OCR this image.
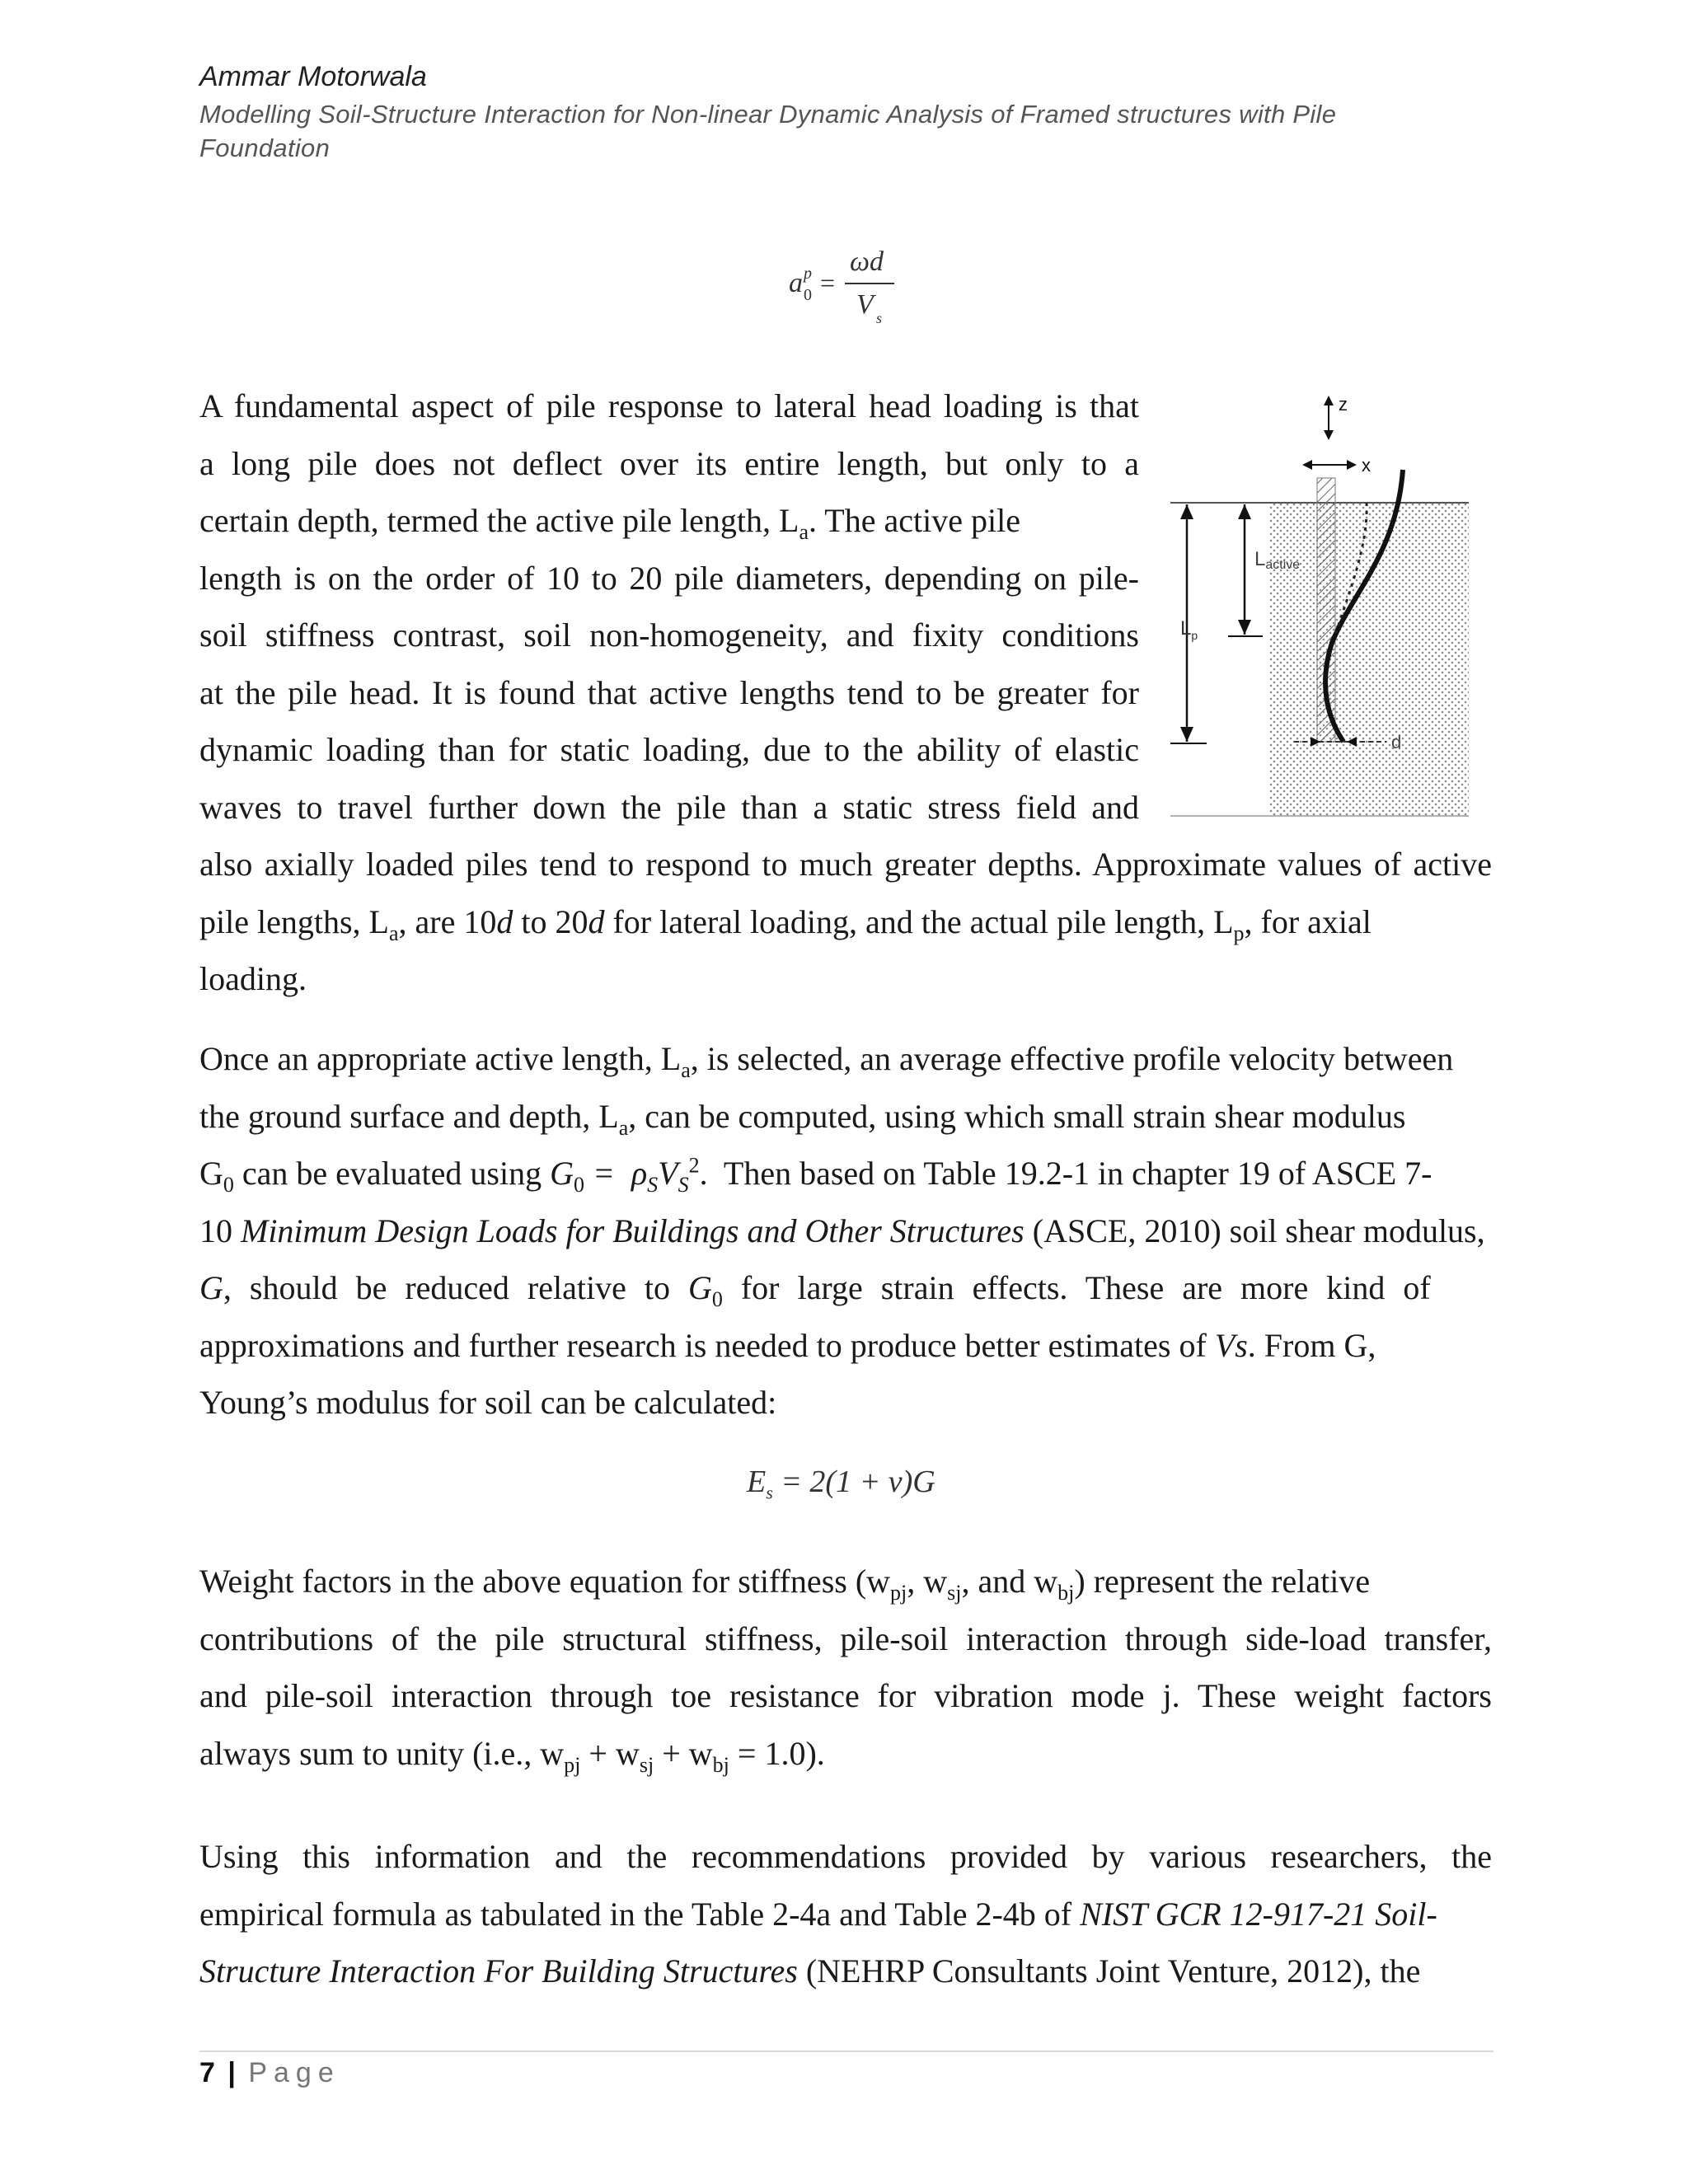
Ammar Motorwala
Modelling Soil-Structure Interaction for Non-linear Dynamic Analysis of Framed structures with Pile Foundation
a p
0 =
ωd
V s
A fundamental aspect of pile response to lateral head loading is that
a long pile does not deflect over its entire length, but only to a
certain depth, termed the active pile length, $L_a$. The active pile
length is on the order of 10 to 20 pile diameters, depending on pile-
soil stiffness contrast, soil non-homogeneity, and fixity conditions
at the pile head. It is found that active lengths tend to be greater for
dynamic loading than for static loading, due to the ability of elastic
waves to travel further down the pile than a static stress field and
z
x
$L_p$
Lactive
d
also axially loaded piles tend to respond to much greater depths. Approximate values of active
pile lengths, $L_a$, are 10d to 20d for lateral loading, and the actual pile length, $L_p$, for axial
loading.
Once an appropriate active length, $L_a$, is selected, an average effective profile velocity between
the ground surface and depth, $L_a$, can be computed, using which small strain shear modulus
$G_0$ can be evaluated using $G_0 = \rho_SV_S^2$.  Then based on Table 19.2-1 in chapter 19 of ASCE 7-
10 Minimum Design Loads for Buildings and Other Structures (ASCE, 2010) soil shear modulus,
G, should be reduced relative to $G_0$ for large strain effects. These are more kind of
approximations and further research is needed to produce better estimates of Vs. From G,
Young’s modulus for soil can be calculated:
$E_s = 2(1 + \nu)G$
Weight factors in the above equation for stiffness ($w_{pj}$, $w_{sj}$, and $w_{bj}$) represent the relative
contributions of the pile structural stiffness, pile-soil interaction through side-load transfer,
and pile-soil interaction through toe resistance for vibration mode j. These weight factors
always sum to unity (i.e., $w_{pj} + w_{sj} + w_{bj} = 1.0$).
Using this information and the recommendations provided by various researchers, the
empirical formula as tabulated in the Table 2-4a and Table 2-4b of NIST GCR 12-917-21 Soil-
Structure Interaction For Building Structures (NEHRP Consultants Joint Venture, 2012), the
7 | Page
